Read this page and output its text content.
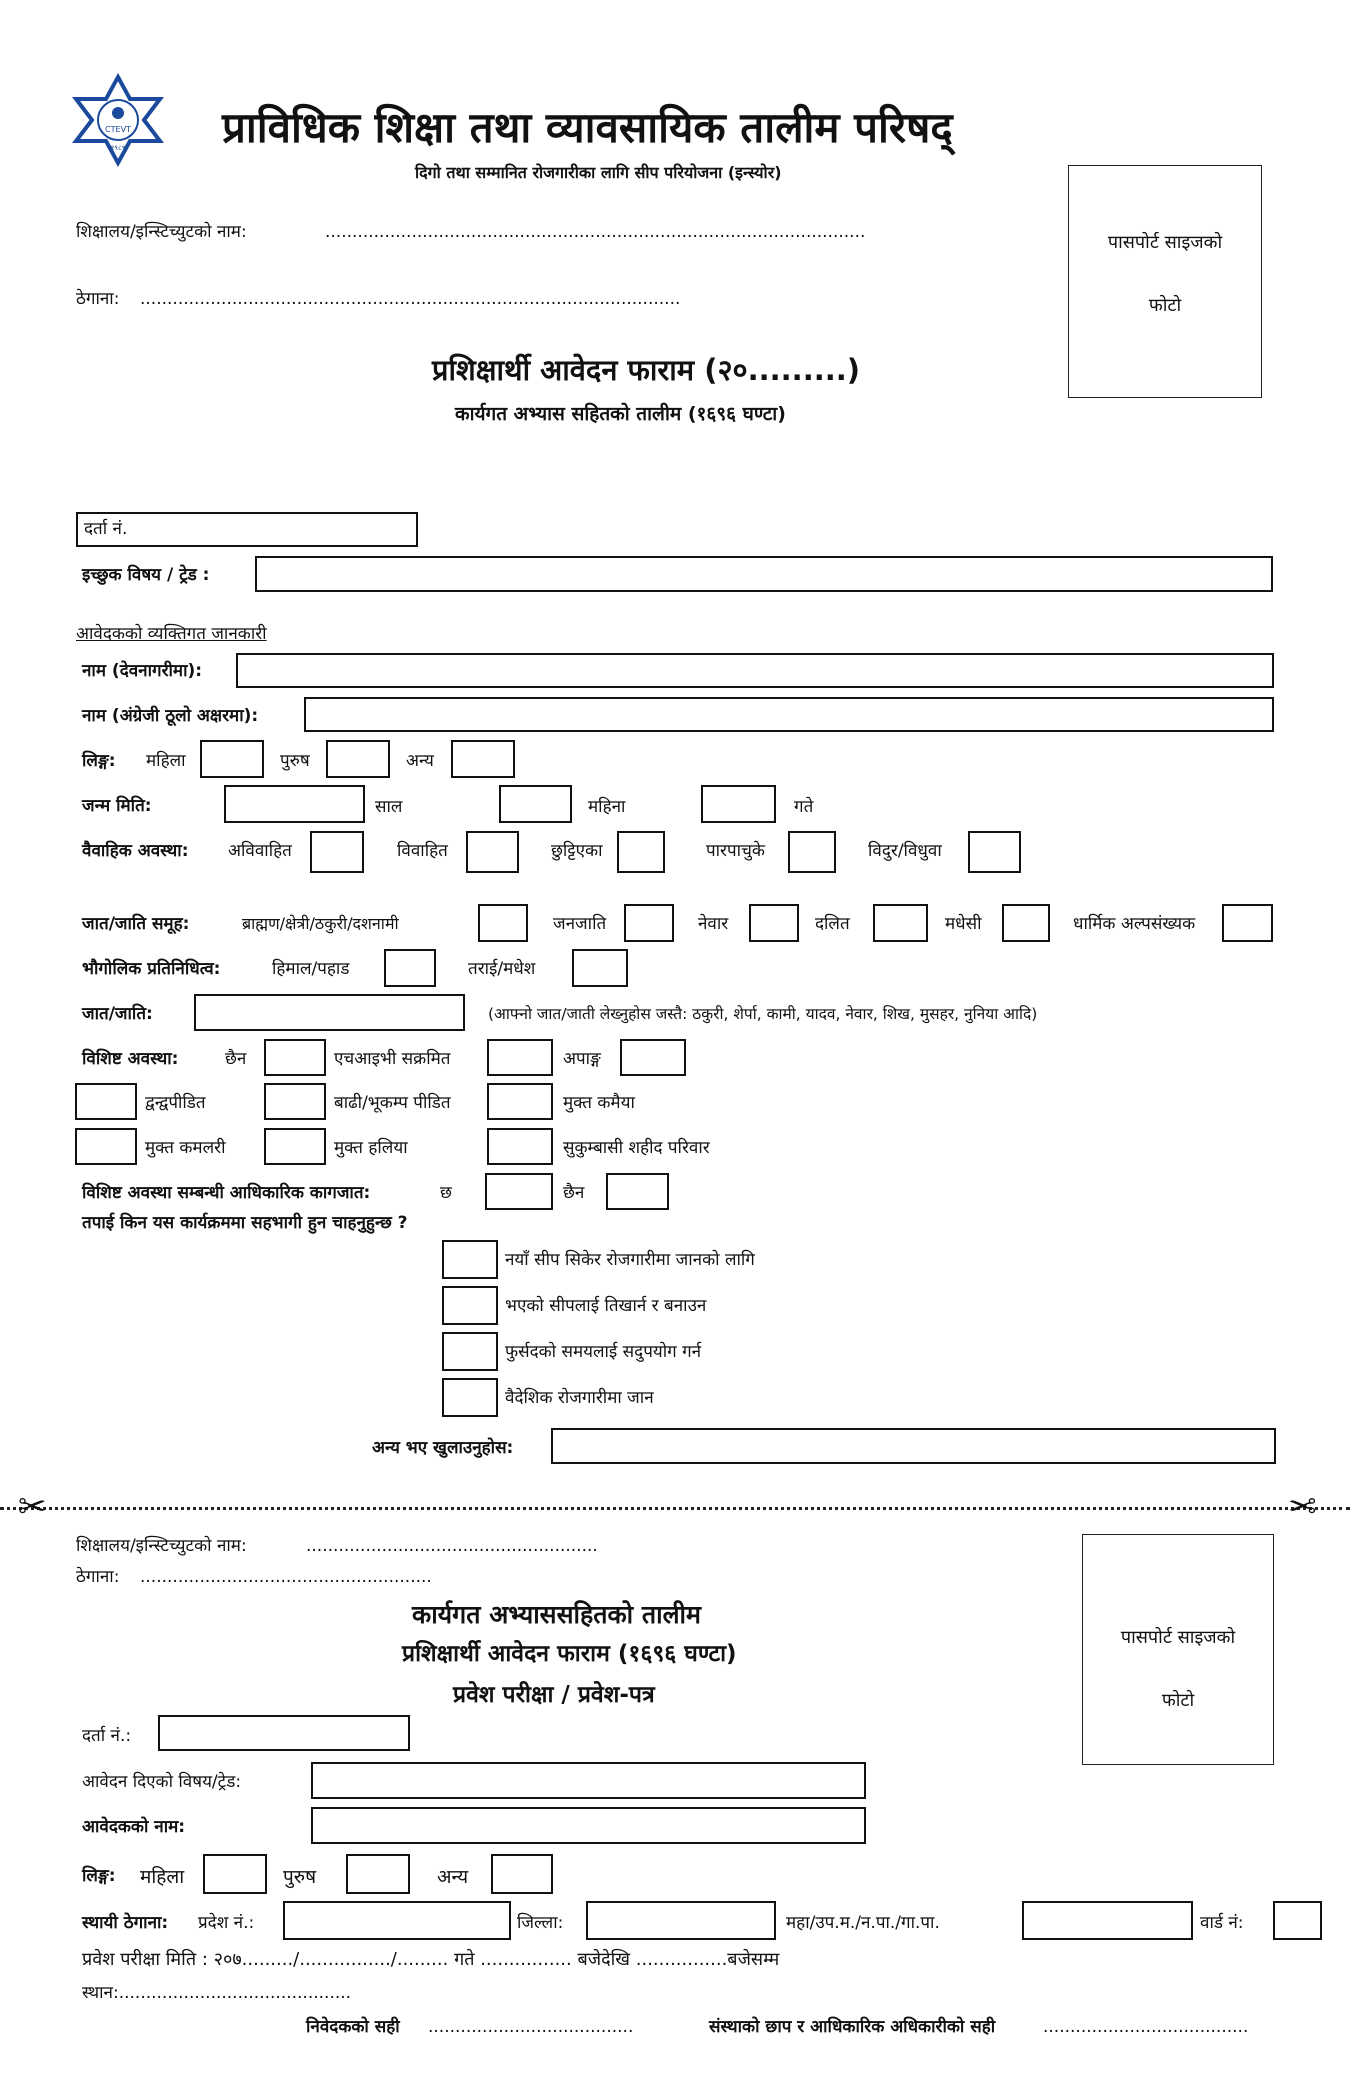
CTEVT
१९८९ प्राविधिक शिक्षा तथा व्यावसायिक तालीम परिषद्
दिगो तथा सम्मानित रोजगारीका लागि सीप परियोजना (इन्स्योर)
शिक्षालय/इन्स्टिच्युटको नाम:	....................................................................................................
ठेगाना: ....................................................................................................
पासपोर्ट साइजको
फोटो
प्रशिक्षार्थी आवेदन फाराम (२०.........)
कार्यगत अभ्यास सहितको तालीम (१६९६ घण्टा)
दर्ता नं.
इच्छुक विषय / ट्रेड :
आवेदकको व्यक्तिगत जानकारी
नाम (देवनागरीमा):
नाम (अंग्रेजी ठूलो अक्षरमा):
लिङ्ग: महिला	पुरुष	अन्य
जन्म मिति:	साल	महिना	गते
वैवाहिक अवस्था: अविवाहित	विवाहित	छुट्टिएका	पारपाचुके	विदुर/विधुवा
जात/जाति समूह:	ब्राह्मण/क्षेत्री/ठकुरी/दशनामी	जनजाति	नेवार	दलित	मधेसी	धार्मिक अल्पसंख्यक
भौगोलिक प्रतिनिधित्व:	हिमाल/पहाड	तराई/मधेश
जात/जाति:	(आफ्नो जात/जाती लेख्नुहोस जस्तै: ठकुरी, शेर्पा, कामी, यादव, नेवार, शिख, मुसहर, नुनिया आदि)
विशिष्ट अवस्था:	छैन	एचआइभी सक्रमित	अपाङ्ग
द्वन्द्वपीडित	बाढी/भूकम्प पीडित	मुक्त कमैया
मुक्त कमलरी	मुक्त हलिया	सुकुम्बासी शहीद परिवार
विशिष्ट अवस्था सम्बन्धी आधिकारिक कागजात:	छ	छैन
तपाई किन यस कार्यक्रममा सहभागी हुन चाहनुहुन्छ ?
नयाँ सीप सिकेर रोजगारीमा जानको लागि
भएको सीपलाई तिखार्न र बनाउन
फुर्सदको समयलाई सदुपयोग गर्न
वैदेशिक रोजगारीमा जान
अन्य भए खुलाउनुहोस:
✂	✂
शिक्षालय/इन्स्टिच्युटको नाम:	......................................................
ठेगाना: ......................................................
कार्यगत अभ्याससहितको तालीम
प्रशिक्षार्थी आवेदन फाराम (१६९६ घण्टा)
प्रवेश परीक्षा / प्रवेश-पत्र
पासपोर्ट साइजको
फोटो
दर्ता नं.:
आवेदन दिएको विषय/ट्रेड:
आवेदकको नाम:
लिङ्ग: महिला	पुरुष	अन्य
स्थायी ठेगाना: प्रदेश नं.:	जिल्ला:	महा/उप.म./न.पा./गा.पा.	वार्ड नं:
प्रवेश परीक्षा मिति : २०७........./................/......... गते ................ बजेदेखि ................बजेसम्म
स्थान:...........................................
निवेदकको सही ......................................	संस्थाको छाप र आधिकारिक अधिकारीको सही	......................................
